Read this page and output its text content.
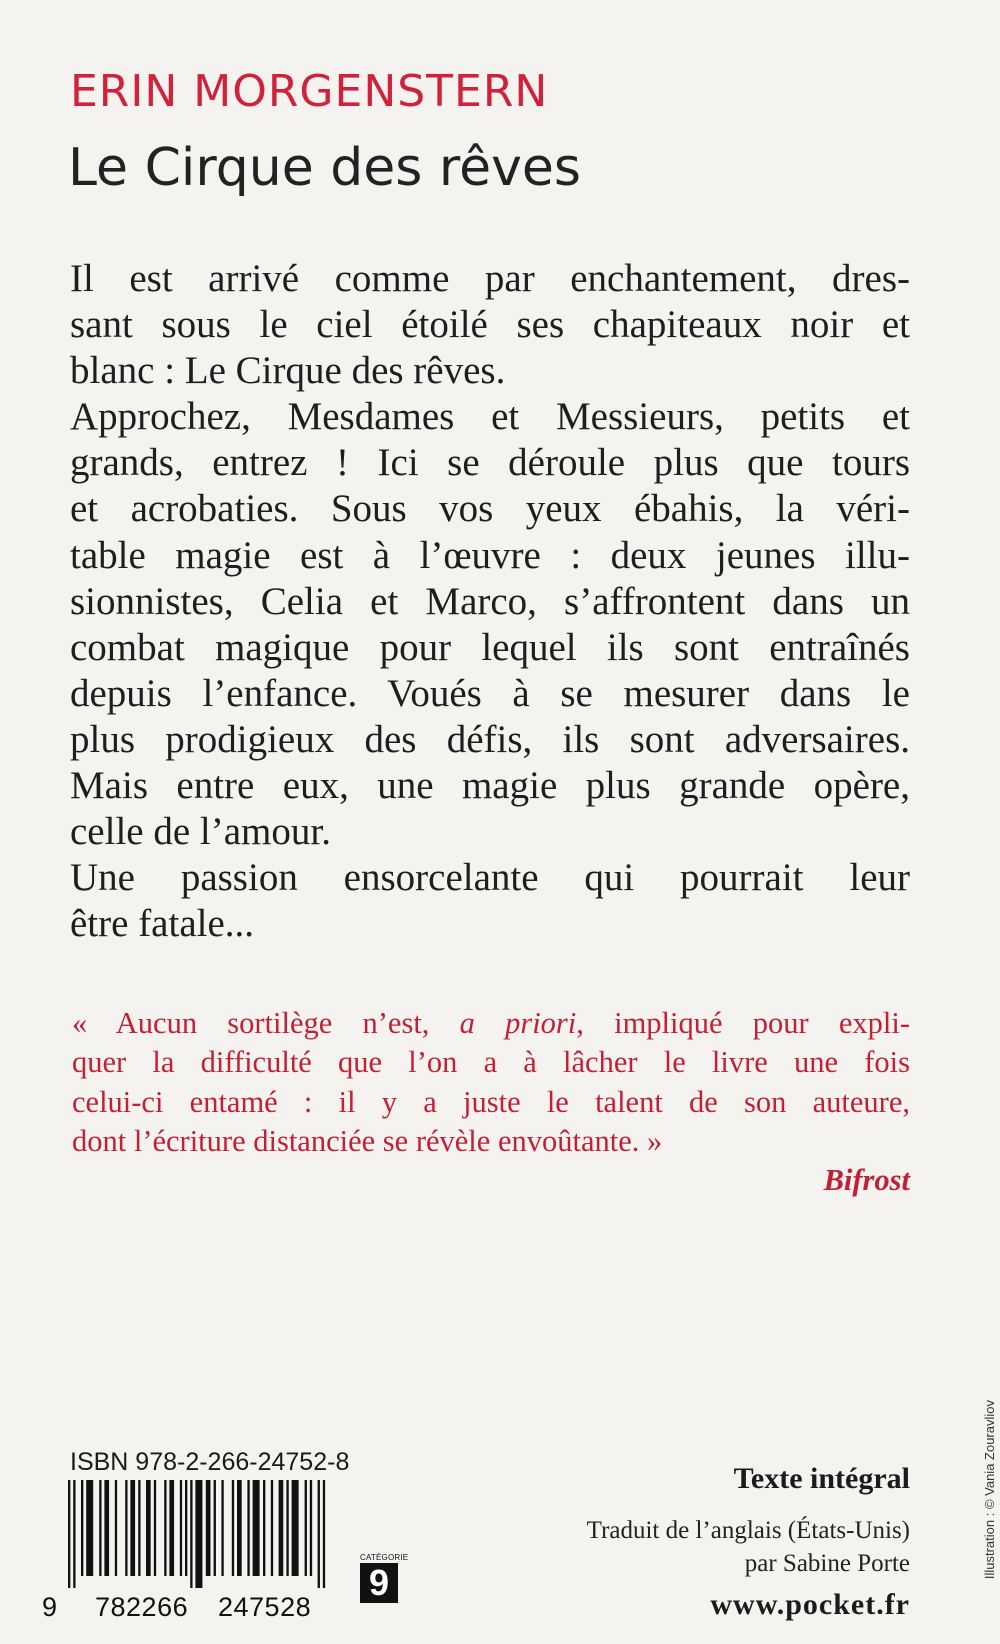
ERIN MORGENSTERN
Le Cirque des rêves
Il est arrivé comme par enchantement, dres-
sant sous le ciel étoilé ses chapiteaux noir et
blanc : Le Cirque des rêves.
Approchez, Mesdames et Messieurs, petits et
grands, entrez ! Ici se déroule plus que tours
et acrobaties. Sous vos yeux ébahis, la véri-
table magie est à l’œuvre : deux jeunes illu-
sionnistes, Celia et Marco, s’affrontent dans un
combat magique pour lequel ils sont entraînés
depuis l’enfance. Voués à se mesurer dans le
plus prodigieux des défis, ils sont adversaires.
Mais entre eux, une magie plus grande opère,
celle de l’amour.
Une passion ensorcelante qui pourrait leur
être fatale...
« Aucun sortilège n’est, a priori, impliqué pour expli-
quer la difficulté que l’on a à lâcher le livre une fois
celui-ci entamé : il y a juste le talent de son auteure,
dont l’écriture distanciée se révèle envoûtante. »
Bifrost

ISBN 978-2-266-24752-8

9 782266 247528
CATÉGORIE
9

Texte intégral

Traduit de l’anglais (États-Unis)
par Sabine Porte

www.pocket.fr

Illustration : © Vania Zouravliov
